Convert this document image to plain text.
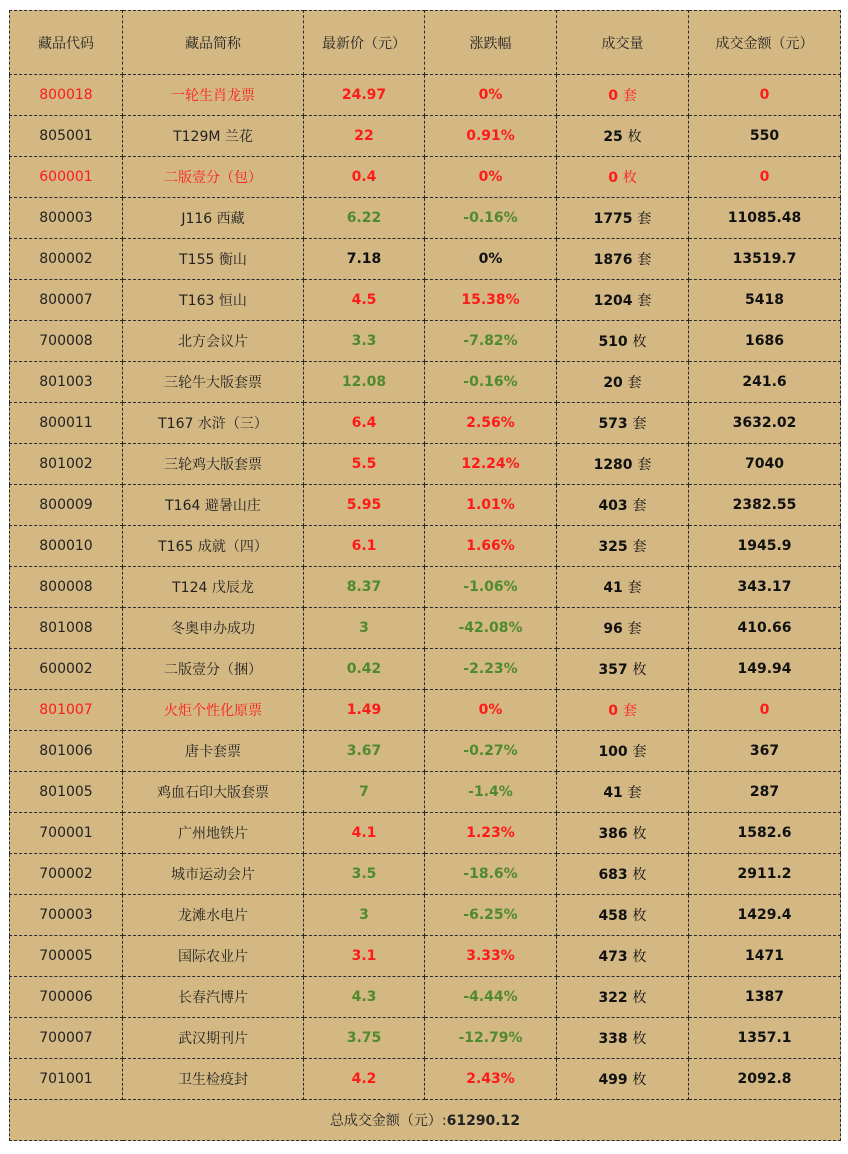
藏品代码	藏品简称	最新价（元）	涨跌幅	成交量	成交金额（元）
800018	一轮生肖龙票	24.97	0%	0 套	0
805001	T129M 兰花	22	0.91%	25 枚	550
600001	二版壹分（包）	0.4	0%	0 枚	0
800003	J116 西藏	6.22	-0.16%	1775 套	11085.48
800002	T155 衡山	7.18	0%	1876 套	13519.7
800007	T163 恒山	4.5	15.38%	1204 套	5418
700008	北方会议片	3.3	-7.82%	510 枚	1686
801003	三轮牛大版套票	12.08	-0.16%	20 套	241.6
800011	T167 水浒（三）	6.4	2.56%	573 套	3632.02
801002	三轮鸡大版套票	5.5	12.24%	1280 套	7040
800009	T164 避暑山庄	5.95	1.01%	403 套	2382.55
800010	T165 成就（四）	6.1	1.66%	325 套	1945.9
800008	T124 戊辰龙	8.37	-1.06%	41 套	343.17
801008	冬奥申办成功	3	-42.08%	96 套	410.66
600002	二版壹分（捆）	0.42	-2.23%	357 枚	149.94
801007	火炬个性化原票	1.49	0%	0 套	0
801006	唐卡套票	3.67	-0.27%	100 套	367
801005	鸡血石印大版套票	7	-1.4%	41 套	287
700001	广州地铁片	4.1	1.23%	386 枚	1582.6
700002	城市运动会片	3.5	-18.6%	683 枚	2911.2
700003	龙滩水电片	3	-6.25%	458 枚	1429.4
700005	国际农业片	3.1	3.33%	473 枚	1471
700006	长春汽博片	4.3	-4.44%	322 枚	1387
700007	武汉期刊片	3.75	-12.79%	338 枚	1357.1
701001	卫生检疫封	4.2	2.43%	499 枚	2092.8
总成交金额（元）:61290.12					
